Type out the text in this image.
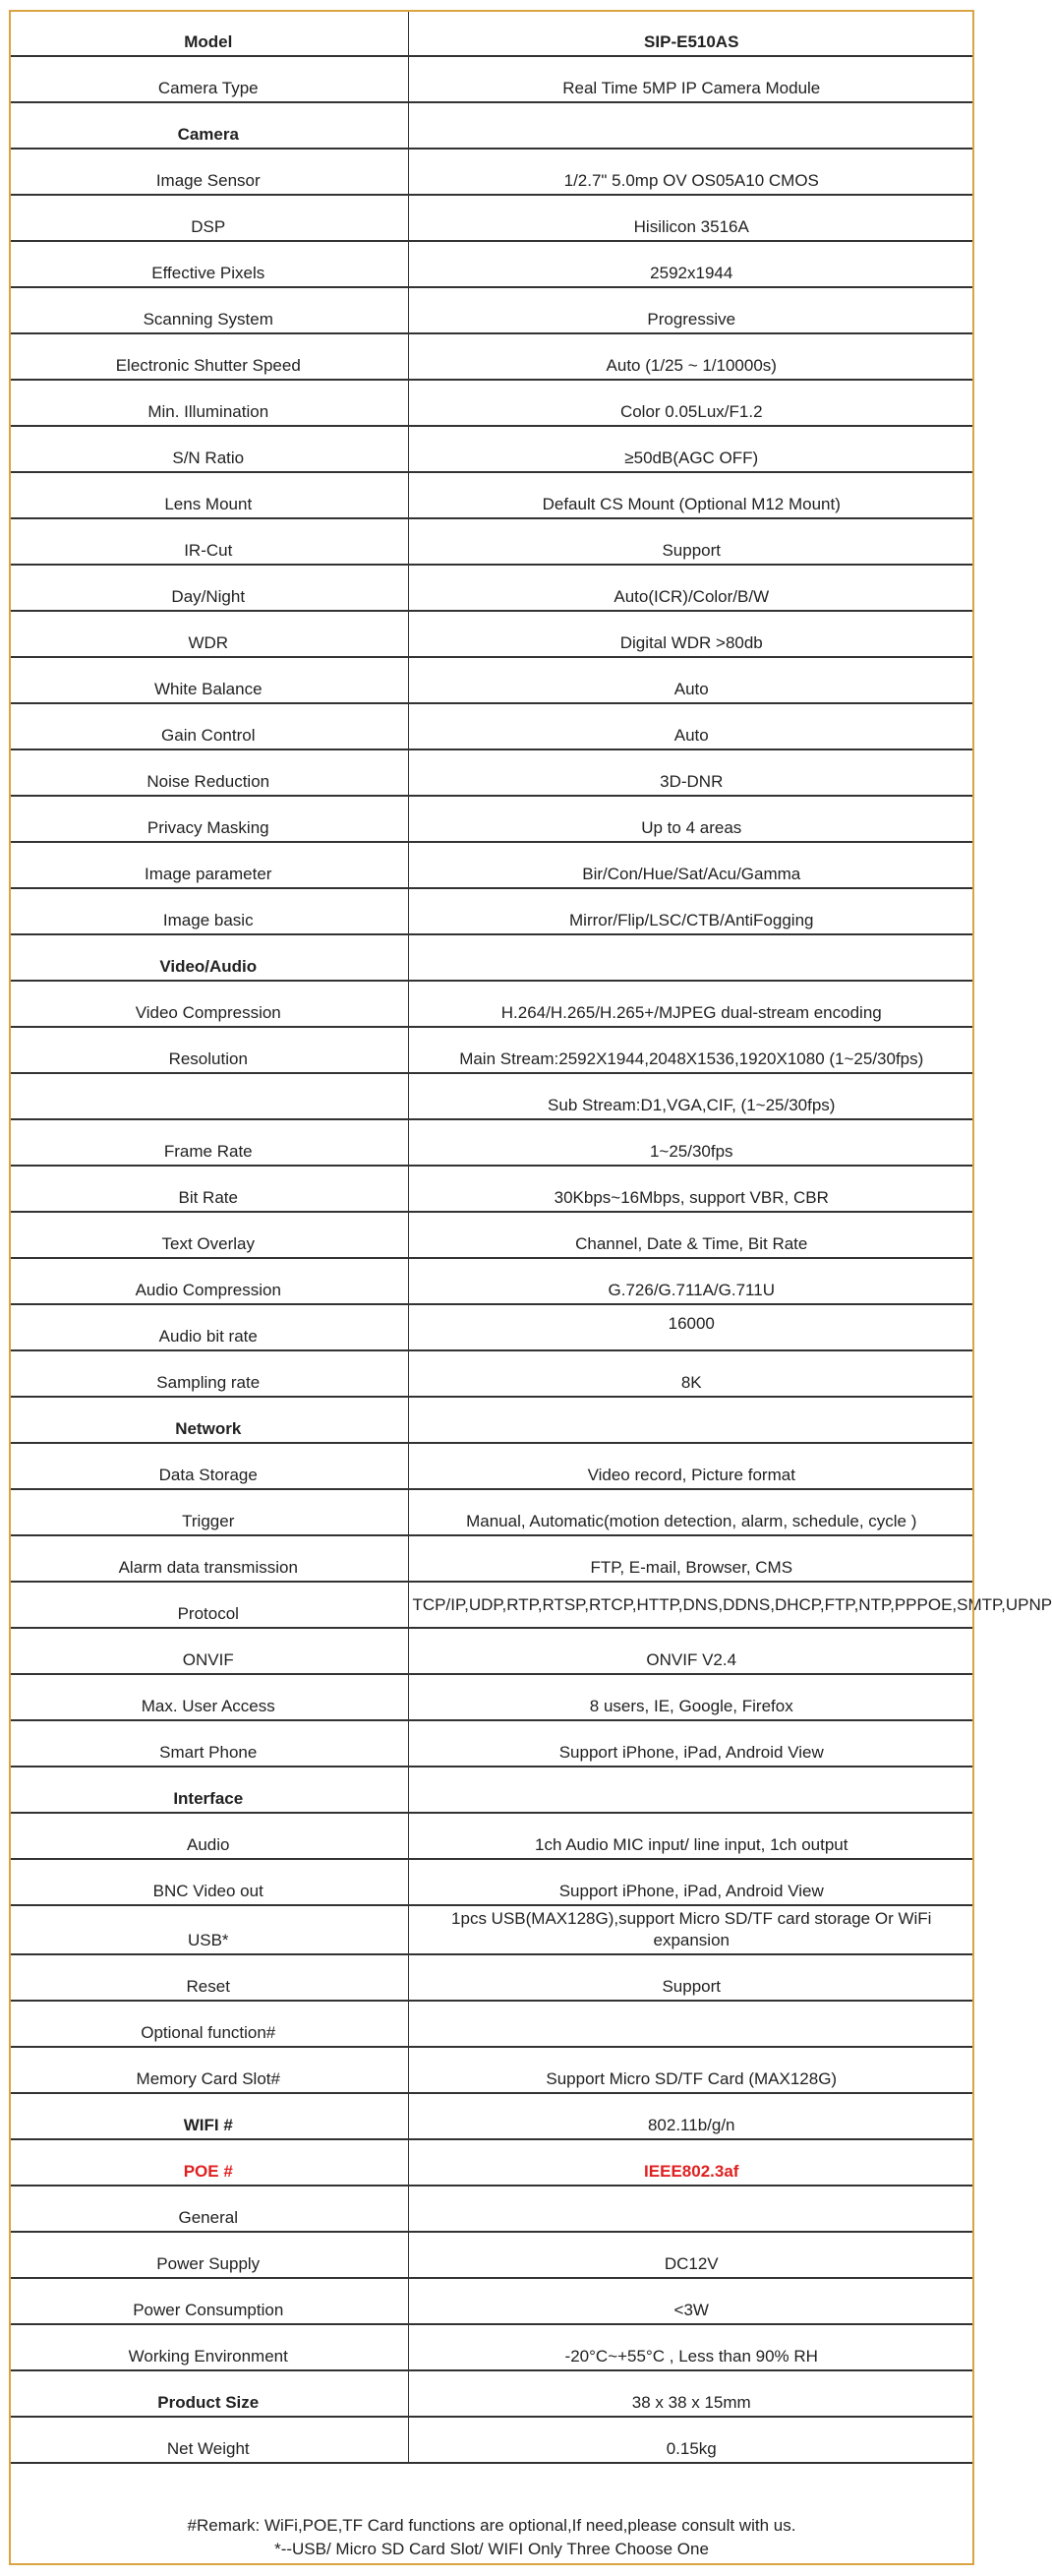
Model	SIP-E510AS
Camera Type	Real Time 5MP IP Camera Module
Camera	
Image Sensor	1/2.7" 5.0mp OV OS05A10 CMOS
DSP	Hisilicon 3516A
Effective Pixels	2592x1944
Scanning System	Progressive
Electronic Shutter Speed	Auto (1/25 ~ 1/10000s)
Min. Illumination	Color 0.05Lux/F1.2
S/N Ratio	≥50dB(AGC OFF)
Lens Mount	Default CS Mount (Optional M12 Mount)
IR-Cut	Support
Day/Night	Auto(ICR)/Color/B/W
WDR	Digital WDR >80db
White Balance	Auto
Gain Control	Auto
Noise Reduction	3D-DNR
Privacy Masking	Up to 4 areas
Image parameter	Bir/Con/Hue/Sat/Acu/Gamma
Image basic	Mirror/Flip/LSC/CTB/AntiFogging
Video/Audio	
Video Compression	H.264/H.265/H.265+/MJPEG dual-stream encoding
Resolution	Main Stream:2592X1944,2048X1536,1920X1080 (1~25/30fps)
	Sub Stream:D1,VGA,CIF, (1~25/30fps)
Frame Rate	1~25/30fps
Bit Rate	30Kbps~16Mbps, support VBR, CBR
Text Overlay	Channel, Date & Time, Bit Rate
Audio Compression	G.726/G.711A/G.711U
Audio bit rate	16000
Sampling rate	8K
Network	
Data Storage	Video record, Picture format
Trigger	Manual, Automatic(motion detection, alarm, schedule, cycle )
Alarm data transmission	FTP, E-mail, Browser, CMS
Protocol	TCP/IP,UDP,RTP,RTSP,RTCP,HTTP,DNS,DDNS,DHCP,FTP,NTP,PPPOE,SMTP,UPNP
ONVIF	ONVIF V2.4
Max. User Access	8 users, IE, Google, Firefox
Smart Phone	Support iPhone, iPad, Android View
Interface	
Audio	1ch Audio MIC input/ line input, 1ch output
BNC Video out	Support iPhone, iPad, Android View
USB*	1pcs USB(MAX128G),support Micro SD/TF card storage Or WiFi expansion
Reset	Support
Optional function#	
Memory Card Slot#	Support Micro SD/TF Card (MAX128G)
WIFI #	802.11b/g/n
POE #	IEEE802.3af
General	
Power Supply	DC12V
Power Consumption	<3W
Working Environment	-20°C~+55°C , Less than 90% RH
Product Size	38 x 38 x 15mm
Net Weight	0.15kg

#Remark: WiFi,POE,TF Card functions are optional,If need,please consult with us.
*--USB/ Micro SD Card Slot/ WIFI Only Three Choose One	
